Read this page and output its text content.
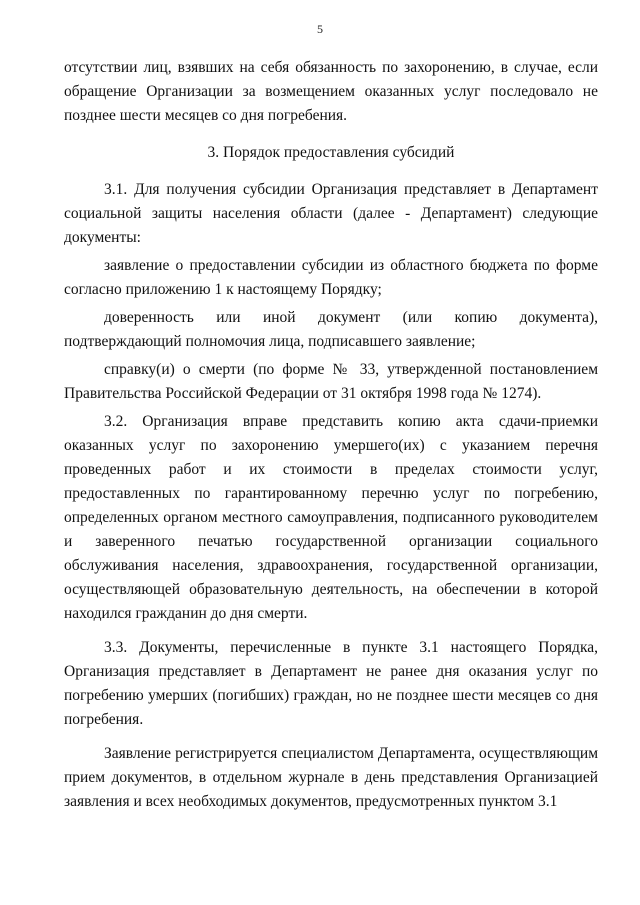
5

отсутствии лиц, взявших на себя обязанность по захоронению, в случае, если обращение Организации за возмещением оказанных услуг последовало не позднее шести месяцев со дня погребения.

3. Порядок предоставления субсидий

3.1. Для получения субсидии Организация представляет в Департамент социальной защиты населения области (далее - Департамент) следующие документы:

заявление о предоставлении субсидии из областного бюджета по форме согласно приложению 1 к настоящему Порядку;

доверенность или иной документ (или копию документа), подтверждающий полномочия лица, подписавшего заявление;

справку(и) о смерти (по форме № 33, утвержденной постановлением Правительства Российской Федерации от 31 октября 1998 года № 1274).

3.2. Организация вправе представить копию акта сдачи-приемки оказанных услуг по захоронению умершего(их) с указанием перечня проведенных работ и их стоимости в пределах стоимости услуг, предоставленных по гарантированному перечню услуг по погребению, определенных органом местного самоуправления, подписанного руководителем и заверенного печатью государственной организации социального обслуживания населения, здравоохранения, государственной организации, осуществляющей образовательную деятельность, на обеспечении в которой находился гражданин до дня смерти.

3.3. Документы, перечисленные в пункте 3.1 настоящего Порядка, Организация представляет в Департамент не ранее дня оказания услуг по погребению умерших (погибших) граждан, но не позднее шести месяцев со дня погребения.

Заявление регистрируется специалистом Департамента, осуществляющим прием документов, в отдельном журнале в день представления Организацией заявления и всех необходимых документов, предусмотренных пунктом 3.1
